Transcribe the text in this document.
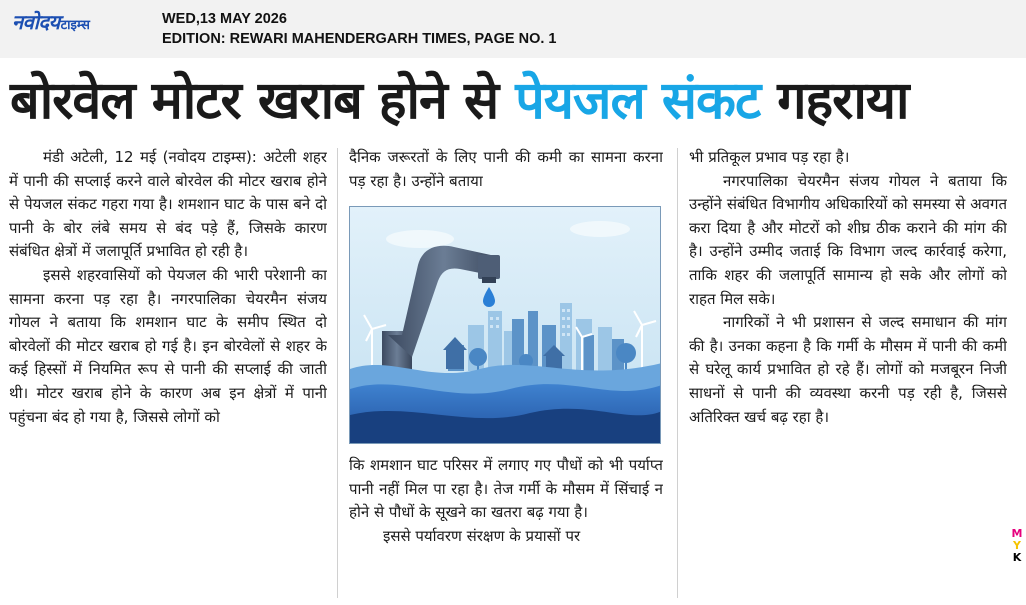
नवोदय टाइम्स	WED,13 MAY 2026
EDITION: REWARI MAHENDERGARH TIMES, PAGE NO. 1
बोरवेल मोटर खराब होने से पेयजल संकट गहराया

मंडी अटेली, 12 मई (नवोदय टाइम्स): अटेली शहर में पानी की सप्लाई करने वाले बोरवेल की मोटर खराब होने से पेयजल संकट गहरा गया है। शमशान घाट के पास बने दो पानी के बोर लंबे समय से बंद पड़े हैं, जिसके कारण संबंधित क्षेत्रों में जलापूर्ति प्रभावित हो रही है।

इससे शहरवासियों को पेयजल की भारी परेशानी का सामना करना पड़ रहा है। नगरपालिका चेयरमैन संजय गोयल ने बताया कि शमशान घाट के समीप स्थित दो बोरवेलों की मोटर खराब हो गई है। इन बोरवेलों से शहर के कई हिस्सों में नियमित रूप से पानी की सप्लाई की जाती थी। मोटर खराब होने के कारण अब इन क्षेत्रों में पानी पहुंचना बंद हो गया है, जिससे लोगों को

दैनिक जरूरतों के लिए पानी की कमी का सामना करना पड़ रहा है। उन्होंने बताया

कि शमशान घाट परिसर में लगाए गए पौधों को भी पर्याप्त पानी नहीं मिल पा रहा है। तेज गर्मी के मौसम में सिंचाई न होने से पौधों के सूखने का खतरा बढ़ गया है।

इससे पर्यावरण संरक्षण के प्रयासों पर

भी प्रतिकूल प्रभाव पड़ रहा है।

नगरपालिका चेयरमैन संजय गोयल ने बताया कि उन्होंने संबंधित विभागीय अधिकारियों को समस्या से अवगत करा दिया है और मोटरों को शीघ्र ठीक कराने की मांग की है। उन्होंने उम्मीद जताई कि विभाग जल्द कार्रवाई करेगा, ताकि शहर की जलापूर्ति सामान्य हो सके और लोगों को राहत मिल सके।

नागरिकों ने भी प्रशासन से जल्द समाधान की मांग की है। उनका कहना है कि गर्मी के मौसम में पानी की कमी से घरेलू कार्य प्रभावित हो रहे हैं। लोगों को मजबूरन निजी साधनों से पानी की व्यवस्था करनी पड़ रही है, जिससे अतिरिक्त खर्च बढ़ रहा है।

M
Y
K
